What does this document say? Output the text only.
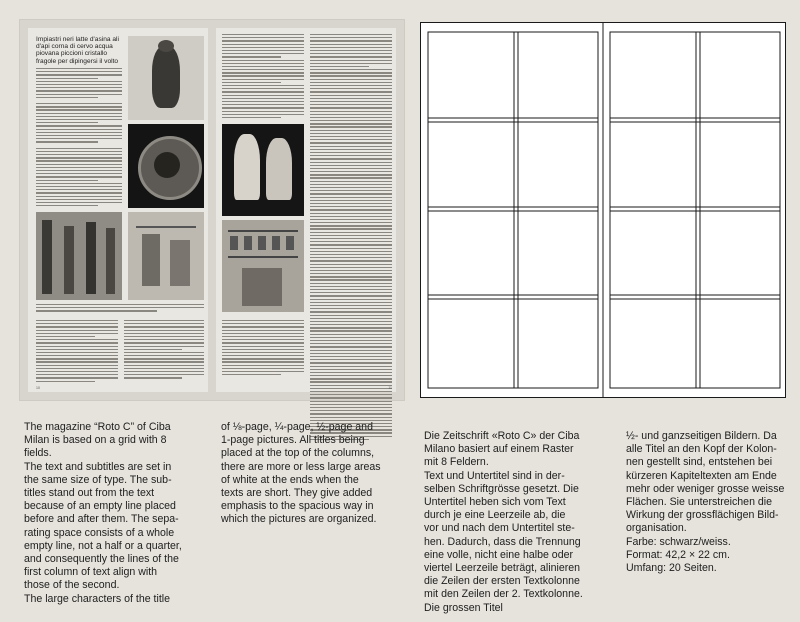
Impiastri neri latte d'asina ali
d'api corna di cervo acqua
piovana piccioni cristallo
fragole per dipingersi il volto
10	11

The magazine “Roto C” of Ciba
Milan is based on a grid with 8
fields.
The text and subtitles are set in
the same size of type. The sub-
titles stand out from the text
because of an empty line placed
before and after them. The sepa-
rating space consists of a whole
empty line, not a half or a quarter,
and consequently the lines of the
first column of text align with
those of the second.
The large characters of the title

of ⅛-page, ¼-page, ½-page and
1-page pictures. All titles being
placed at the top of the columns,
there are more or less large areas
of white at the ends when the
texts are short. They give added
emphasis to the spacious way in
which the pictures are organized.

Die Zeitschrift «Roto C» der Ciba
Milano basiert auf einem Raster
mit 8 Feldern.
Text und Untertitel sind in der-
selben Schriftgrösse gesetzt. Die
Untertitel heben sich vom Text
durch je eine Leerzeile ab, die
vor und nach dem Untertitel ste-
hen. Dadurch, dass die Trennung
eine volle, nicht eine halbe oder
viertel Leerzeile beträgt, alinieren
die Zeilen der ersten Textkolonne
mit den Zeilen der 2. Textkolonne.
Die grossen Titel

½- und ganzseitigen Bildern. Da
alle Titel an den Kopf der Kolon-
nen gestellt sind, entstehen bei
kürzeren Kapiteltexten am Ende
mehr oder weniger grosse weisse
Flächen. Sie unterstreichen die
Wirkung der grossflächigen Bild-
organisation.
Farbe: schwarz/weiss.
Format: 42,2 × 22 cm.
Umfang: 20 Seiten.
